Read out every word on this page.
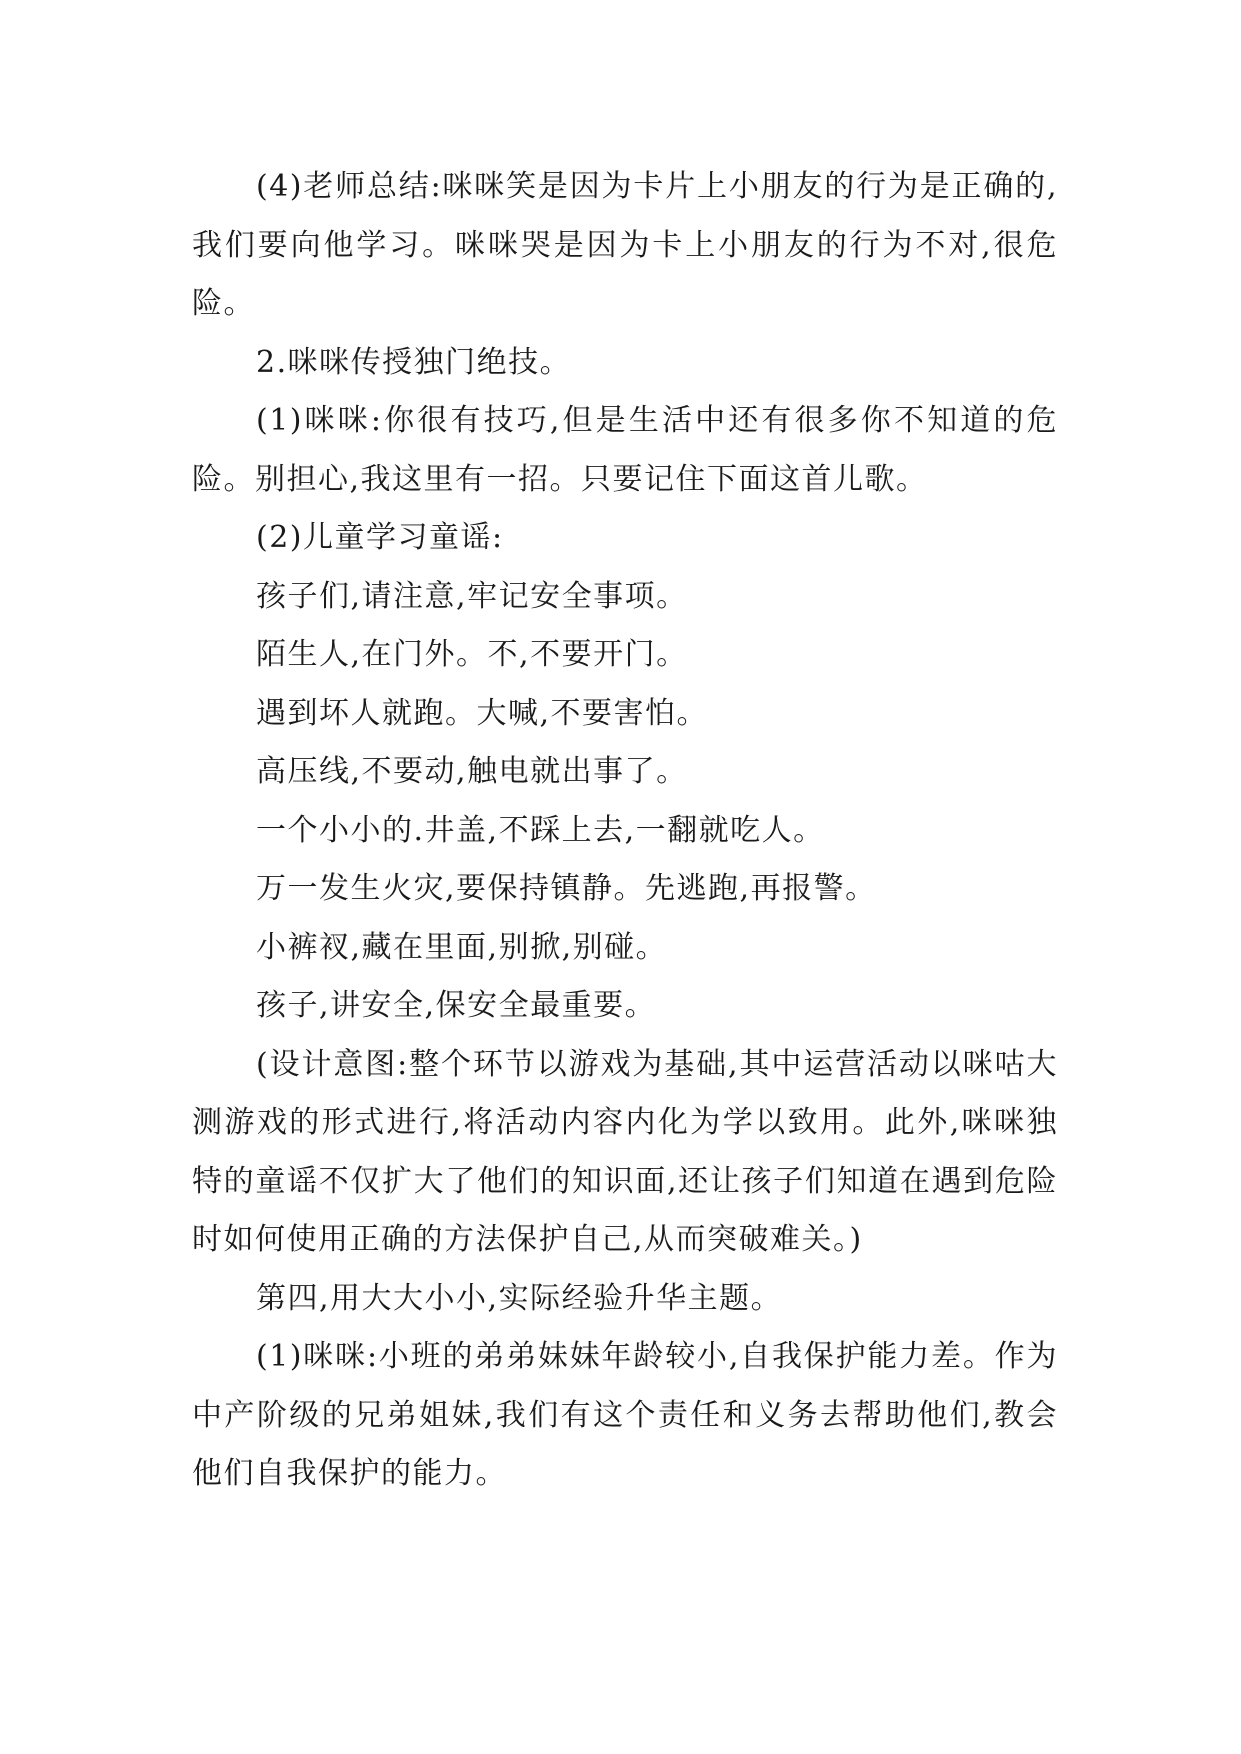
(4)老师总结:咪咪笑是因为卡片上小朋友的行为是正确的,我们要向他学习。咪咪哭是因为卡上小朋友的行为不对,很危险。

2.咪咪传授独门绝技。

(1)咪咪:你很有技巧,但是生活中还有很多你不知道的危险。别担心,我这里有一招。只要记住下面这首儿歌。

(2)儿童学习童谣:

孩子们,请注意,牢记安全事项。

陌生人,在门外。不,不要开门。

遇到坏人就跑。大喊,不要害怕。

高压线,不要动,触电就出事了。

一个小小的.井盖,不踩上去,一翻就吃人。

万一发生火灾,要保持镇静。先逃跑,再报警。

小裤衩,藏在里面,别掀,别碰。

孩子,讲安全,保安全最重要。

(设计意图:整个环节以游戏为基础,其中运营活动以咪咕大测游戏的形式进行,将活动内容内化为学以致用。此外,咪咪独特的童谣不仅扩大了他们的知识面,还让孩子们知道在遇到危险时如何使用正确的方法保护自己,从而突破难关。)

第四,用大大小小,实际经验升华主题。

(1)咪咪:小班的弟弟妹妹年龄较小,自我保护能力差。作为中产阶级的兄弟姐妹,我们有这个责任和义务去帮助他们,教会他们自我保护的能力。
